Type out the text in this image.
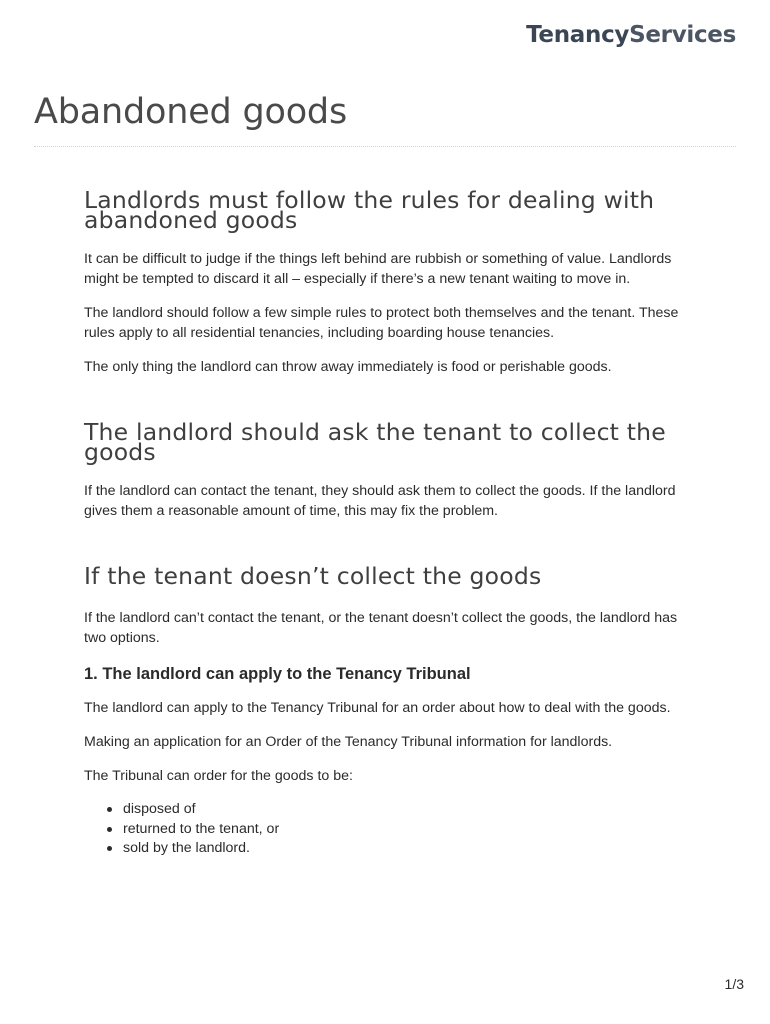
TenancyServices
Abandoned goods
Landlords must follow the rules for dealing with abandoned goods

It can be difficult to judge if the things left behind are rubbish or something of value. Landlords might be tempted to discard it all – especially if there’s a new tenant waiting to move in.

The landlord should follow a few simple rules to protect both themselves and the tenant. These rules apply to all residential tenancies, including boarding house tenancies.

The only thing the landlord can throw away immediately is food or perishable goods.

The landlord should ask the tenant to collect the goods

If the landlord can contact the tenant, they should ask them to collect the goods. If the landlord gives them a reasonable amount of time, this may fix the problem.

If the tenant doesn’t collect the goods

If the landlord can’t contact the tenant, or the tenant doesn’t collect the goods, the landlord has two options.

1. The landlord can apply to the Tenancy Tribunal

The landlord can apply to the Tenancy Tribunal for an order about how to deal with the goods.

Making an application for an Order of the Tenancy Tribunal information for landlords.

The Tribunal can order for the goods to be:

disposed of
returned to the tenant, or
sold by the landlord.
1/3
